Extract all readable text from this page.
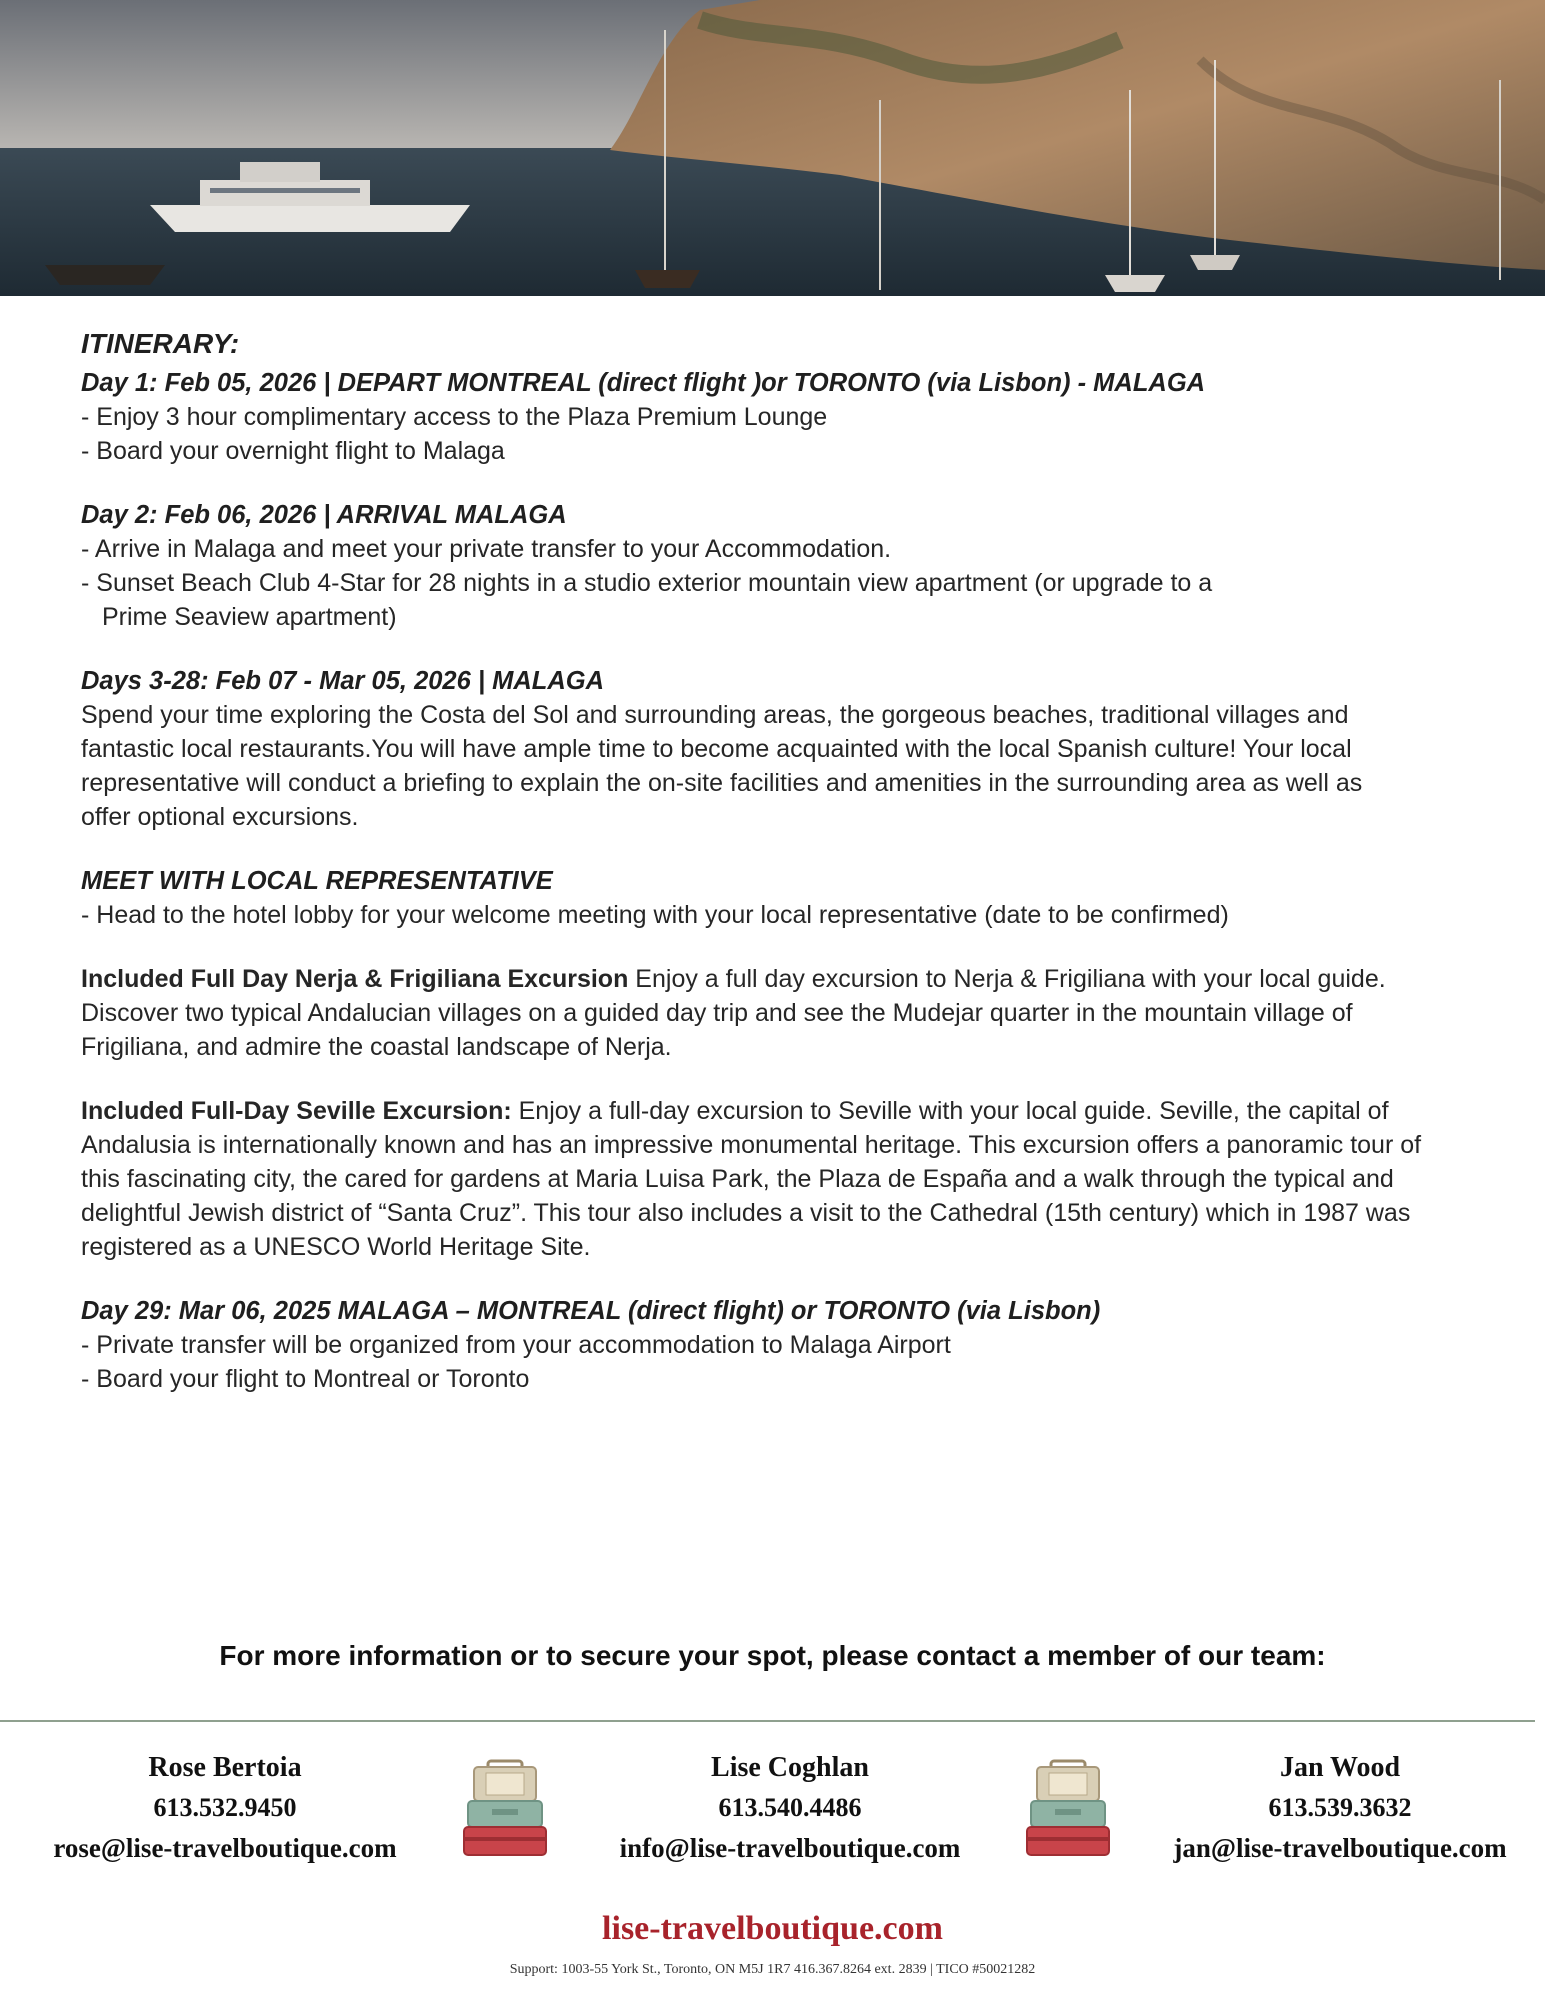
ITINERARY:
Day 1: Feb 05, 2026 | DEPART MONTREAL (direct flight )or TORONTO (via Lisbon) - MALAGA
- Enjoy 3 hour complimentary access to the Plaza Premium Lounge
- Board your overnight flight to Malaga
Day 2: Feb 06, 2026 | ARRIVAL MALAGA
- Arrive in Malaga and meet your private transfer to your Accommodation.
- Sunset Beach Club 4-Star for 28 nights in a studio exterior mountain view apartment (or upgrade to a Prime Seaview apartment)
Days 3-28: Feb 07 - Mar 05, 2026 | MALAGA
Spend your time exploring the Costa del Sol and surrounding areas, the gorgeous beaches, traditional villages and fantastic local restaurants.You will have ample time to become acquainted with the local Spanish culture! Your local representative will conduct a briefing to explain the on-site facilities and amenities in the surrounding area as well as offer optional excursions.
MEET WITH LOCAL REPRESENTATIVE
- Head to the hotel lobby for your welcome meeting with your local representative (date to be confirmed)
Included Full Day Nerja & Frigiliana Excursion Enjoy a full day excursion to Nerja & Frigiliana with your local guide. Discover two typical Andalucian villages on a guided day trip and see the Mudejar quarter in the mountain village of Frigiliana, and admire the coastal landscape of Nerja.
Included Full-Day Seville Excursion: Enjoy a full-day excursion to Seville with your local guide. Seville, the capital of Andalusia is internationally known and has an impressive monumental heritage. This excursion offers a panoramic tour of this fascinating city, the cared for gardens at Maria Luisa Park, the Plaza de España and a walk through the typical and delightful Jewish district of “Santa Cruz”. This tour also includes a visit to the Cathedral (15th century) which in 1987 was registered as a UNESCO World Heritage Site.
Day 29: Mar 06, 2025 MALAGA – MONTREAL (direct flight) or TORONTO (via Lisbon)
- Private transfer will be organized from your accommodation to Malaga Airport
- Board your flight to Montreal or Toronto
For more information or to secure your spot, please contact a member of our team:
Rose Bertoia
613.532.9450
rose@lise-travelboutique.com
Lise Coghlan
613.540.4486
info@lise-travelboutique.com
Jan Wood
613.539.3632
jan@lise-travelboutique.com
lise-travelboutique.com
Support: 1003-55 York St., Toronto, ON M5J 1R7 416.367.8264 ext. 2839 | TICO #50021282
